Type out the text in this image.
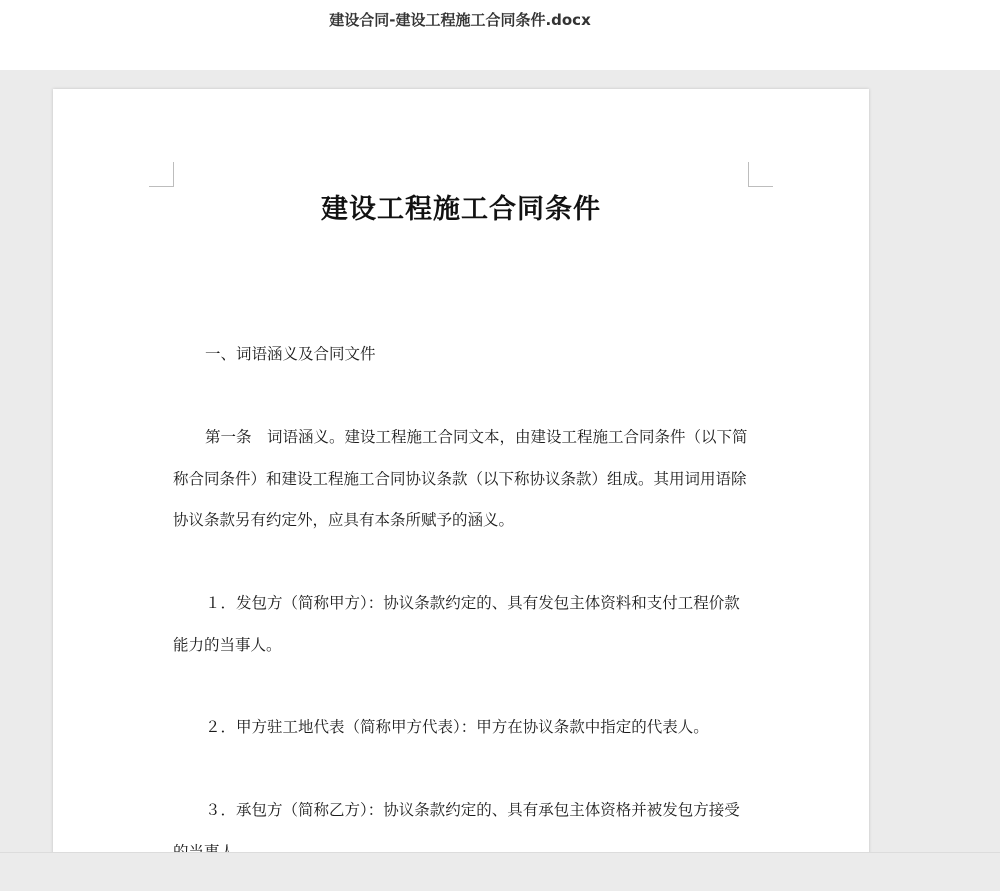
建设合同-建设工程施工合同条件.docx
建设工程施工合同条件

一、词语涵义及合同文件

第一条　词语涵义。建设工程施工合同文本，由建设工程施工合同条件（以下简称合同条件）和建设工程施工合同协议条款（以下称协议条款）组成。其用词用语除协议条款另有约定外，应具有本条所赋予的涵义。

１．发包方（简称甲方）：协议条款约定的、具有发包主体资料和支付工程价款能力的当事人。

２．甲方驻工地代表（简称甲方代表）：甲方在协议条款中指定的代表人。

３．承包方（简称乙方）：协议条款约定的、具有承包主体资格并被发包方接受
